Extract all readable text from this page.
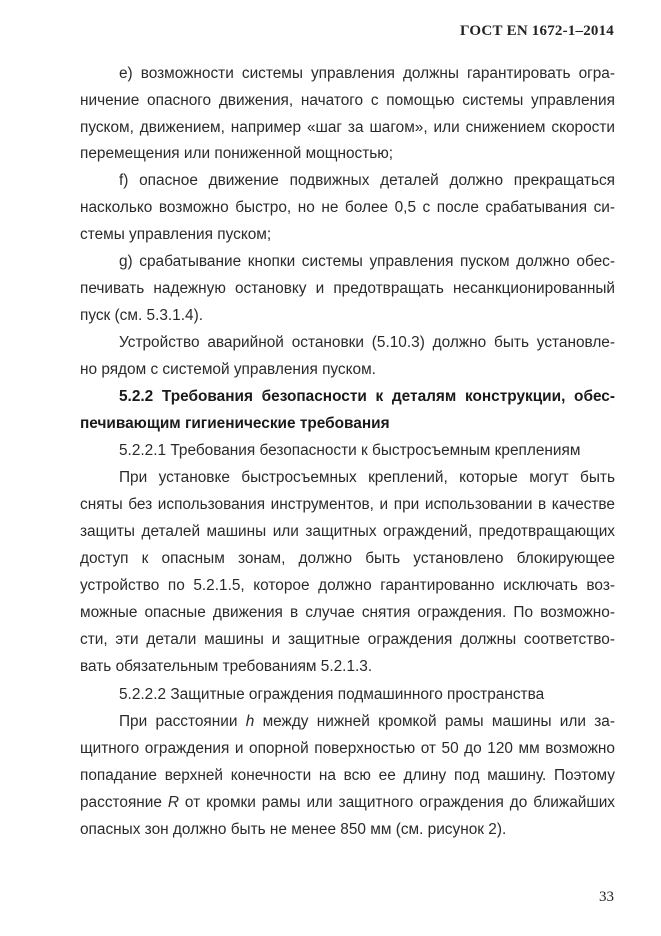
ГОСТ EN 1672-1–2014
е) возможности системы управления должны гарантировать огра-
ничение опасного движения, начатого с помощью системы управления
пуском, движением, например «шаг за шагом», или снижением скорости
перемещения или пониженной мощностью;
f) опасное движение подвижных деталей должно прекращаться
насколько возможно быстро, но не более 0,5 с после срабатывания си-
стемы управления пуском;
g) срабатывание кнопки системы управления пуском должно обес-
печивать надежную остановку и предотвращать несанкционированный
пуск (см. 5.3.1.4).
Устройство аварийной остановки (5.10.3) должно быть установле-
но рядом с системой управления пуском.
5.2.2 Требования безопасности к деталям конструкции, обес-
печивающим гигиенические требования
5.2.2.1 Требования безопасности к быстросъемным креплениям
При установке быстросъемных креплений, которые могут быть
сняты без использования инструментов, и при использовании в качестве
защиты деталей машины или защитных ограждений, предотвращающих
доступ к опасным зонам, должно быть установлено блокирующее
устройство по 5.2.1.5, которое должно гарантированно исключать воз-
можные опасные движения в случае снятия ограждения. По возможно-
сти, эти детали машины и защитные ограждения должны соответство-
вать обязательным требованиям 5.2.1.3.
5.2.2.2 Защитные ограждения подмашинного пространства
При расстоянии h между нижней кромкой рамы машины или за-
щитного ограждения и опорной поверхностью от 50 до 120 мм возможно
попадание верхней конечности на всю ее длину под машину. Поэтому
расстояние R от кромки рамы или защитного ограждения до ближайших
опасных зон должно быть не менее 850 мм (см. рисунок 2).
33
